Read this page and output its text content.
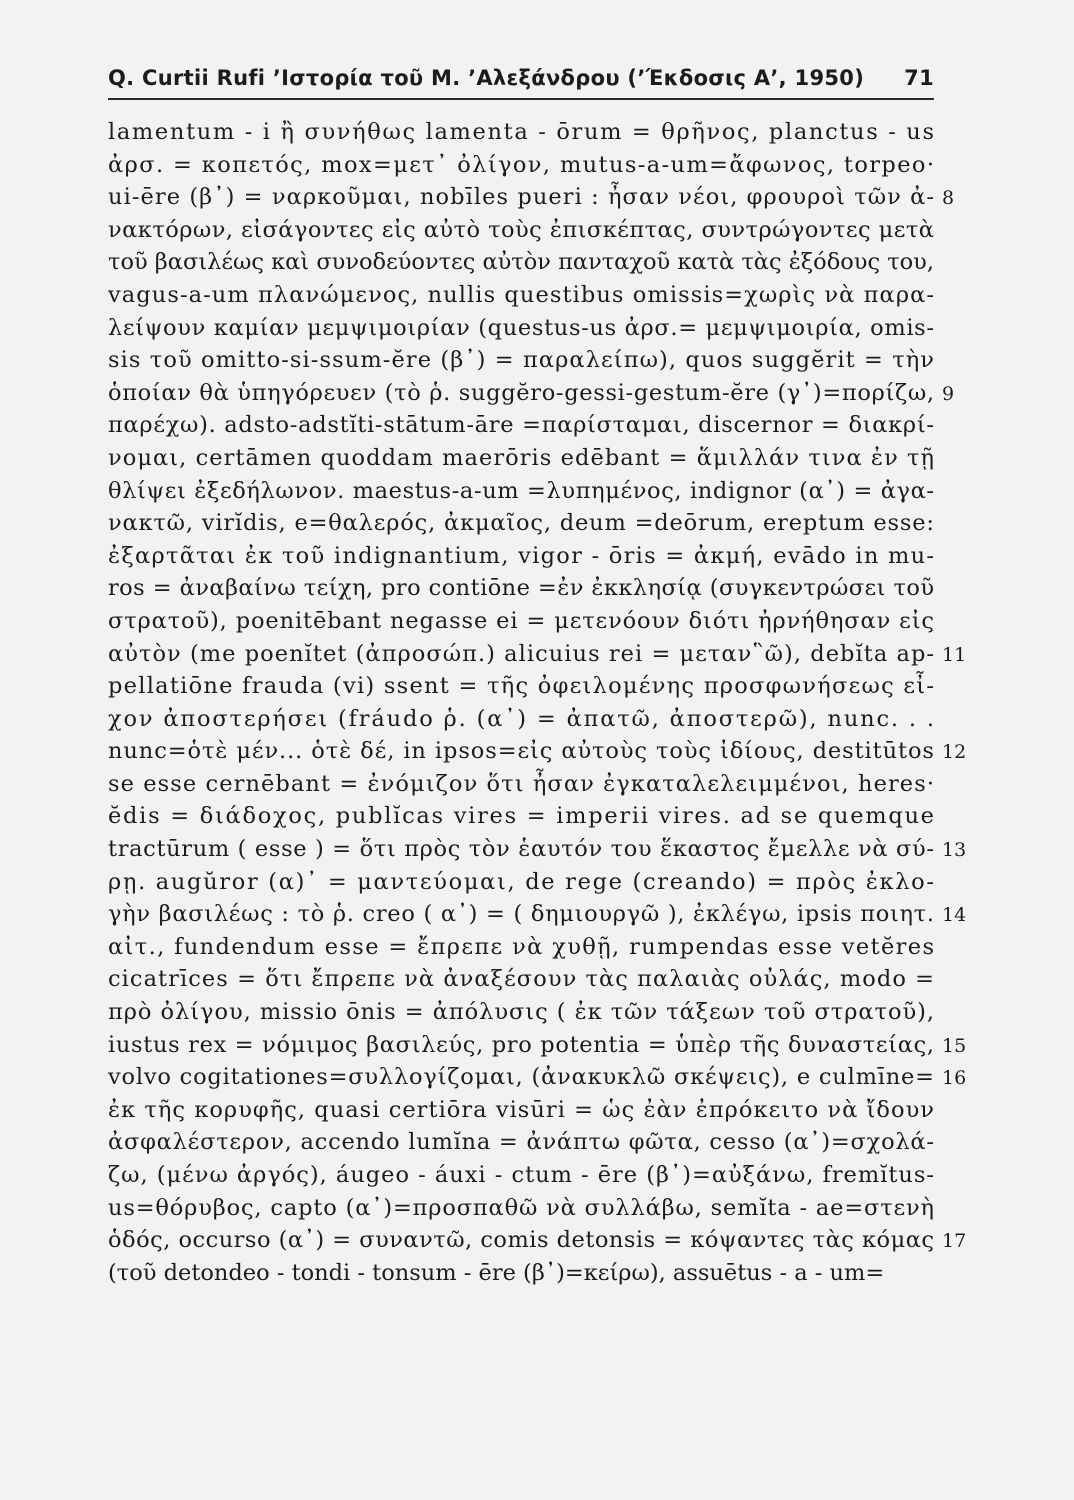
Q. Curtii Rufi ’Ιστορία τοῦ Μ. ’Αλεξάνδρου (’Έκδοσις Α’, 1950) 71
lamentum - i ἢ συνήθως lamenta - ōrum = θρῆνος, planctus - us
ἀρσ. = κοπετός, mox=μετ᾽ ὀλίγον, mutus-a-um=ἄφωνος, torpeo·
ui-ēre (β᾽) = ναρκοῦμαι, nobīles pueri : ἦσαν νέοι, φρουροὶ τῶν ἀ-
νακτόρων, εἰσάγοντες εἰς αὐτὸ τοὺς ἐπισκέπτας, συντρώγοντες μετὰ
τοῦ βασιλέως καὶ συνοδεύοντες αὐτὸν πανταχοῦ κατὰ τὰς ἐξόδους του,
vagus-a-um πλανώμενος, nullis questibus omissis=χωρὶς νὰ παρα-
λείψουν καμίαν μεμψιμοιρίαν (questus-us ἀρσ.= μεμψιμοιρία, omis-
sis τοῦ omitto-si-ssum-ĕre (β᾽) = παραλείπω), quos suggĕrit = τὴν
ὁποίαν θὰ ὑπηγόρευεν (τὸ ῥ. suggĕro-gessi-gestum-ĕre (γ᾽)=πορίζω,
παρέχω). adsto-adstĭti-stātum-āre =παρίσταμαι, discernor = διακρί-
νομαι, certāmen quoddam maerōris edēbant = ἅμιλλάν τινα ἐν τῇ
θλίψει ἐξεδήλωνον. maestus-a-um =λυπημένος, indignor (α᾽) = ἀγα-
νακτῶ, virĭdis, e=θαλερός, ἀκμαῖος, deum =deōrum, ereptum esse:
ἐξαρτᾶται ἐκ τοῦ indignantium, vigor - ōris = ἀκμή, evādo in mu-
ros = ἀναβαίνω τείχη, pro contiōne =ἐν ἐκκλησίᾳ (συγκεντρώσει τοῦ
στρατοῦ), poenitēbant negasse ei = μετενόουν διότι ἠρνήθησαν εἰς
αὐτὸν (me poenĭtet (ἀπροσώπ.) alicuius rei = μεταν῝ῶ), debĭta ap-
pellatiōne frauda (vi) ssent = τῆς ὀφειλομένης προσφωνήσεως εἶ-
χον ἀποστερήσει (fráudo ῥ. (α᾽) = ἀπατῶ, ἀποστερῶ), nunc. . .
nunc=ὁτὲ μέν... ὁτὲ δέ, in ipsos=εἰς αὐτοὺς τοὺς ἰδίους, destitūtos
se esse cernēbant = ἐνόμιζον ὅτι ἦσαν ἐγκαταλελειμμένοι, heres·
ĕdis = διάδοχος, publĭcas vires = imperii vires. ad se quemque
tractūrum ( esse ) = ὅτι πρὸς τὸν ἑαυτόν του ἕκαστος ἔμελλε νὰ σύ-
ρῃ. augŭror (α)᾽ = μαντεύομαι, de rege (creando) = πρὸς ἐκλο-
γὴν βασιλέως : τὸ ῥ. creo ( α᾽) = ( δημιουργῶ ), ἐκλέγω, ipsis ποιητ.
αἰτ., fundendum esse = ἔπρεπε νὰ χυθῇ, rumpendas esse vetĕres
cicatrīces = ὅτι ἔπρεπε νὰ ἀναξέσουν τὰς παλαιὰς οὐλάς, modo =
πρὸ ὀλίγου, missio ōnis = ἀπόλυσις ( ἐκ τῶν τάξεων τοῦ στρατοῦ),
iustus rex = νόμιμος βασιλεύς, pro potentia = ὑπὲρ τῆς δυναστείας,
volvo cogitationes=συλλογίζομαι, (ἀνακυκλῶ σκέψεις), e culmīne=
ἐκ τῆς κορυφῆς, quasi certiōra visūri = ὡς ἐὰν ἐπρόκειτο νὰ ἴδουν
ἀσφαλέστερον, accendo lumĭna = ἀνάπτω φῶτα, cesso (α᾽)=σχολά-
ζω, (μένω ἀργός), áugeo - áuxi - ctum - ēre (β᾽)=αὐξάνω, fremĭtus-
us=θόρυβος, capto (α᾽)=προσπαθῶ νὰ συλλάβω, semĭta - ae=στενὴ
ὁδός, occurso (α᾽) = συναντῶ, comis detonsis = κόψαντες τὰς κόμας
(τοῦ detondeo - tondi - tonsum - ēre (β᾽)=κείρω), assuētus - a - um=
8
9
11
12
13
14
15
16
17
